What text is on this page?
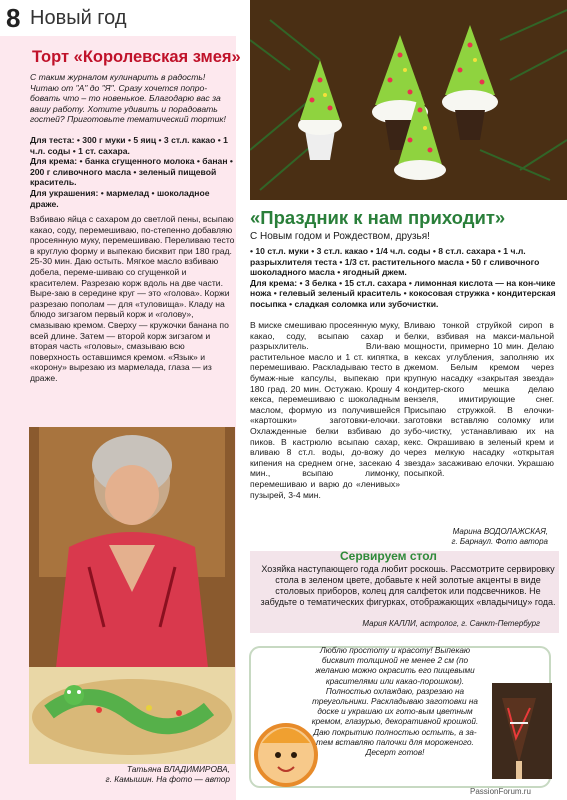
8 Новый год
Торт «Королевская змея»
С таким журналом кулинарить в радость! Читаю от "А" до "Я". Сразу хочется попро-бовать что – то новенькое. Благодарю вас за вашу работу. Хотите удивить и порадовать гостей? Приготовьте тематический тортик!
Для теста: • 300 г муки • 5 яиц • 3 ст.л. какао • 1 ч.л. соды • 1 ст. сахара.
Для крема: • банка сгущенного молока • банан • 200 г сливочного масла • зеленый пищевой краситель.
Для украшения: • мармелад • шоколадное драже.
Взбиваю яйца с сахаром до светлой пены, всыпаю какао, соду, перемешиваю, по-степенно добавляю просеянную муку, перемешиваю. Переливаю тесто в круглую форму и выпекаю бисквит при 180 град. 25-30 мин. Даю остыть. Мягкое масло взбиваю добела, переме-шиваю со сгущенкой и красителем. Разрезаю корж вдоль на две части. Выре-заю в середине круг — это «голова». Коржи разрезаю пополам — для «туловища». Кладу на блюдо зигзагом первый корж и «голову», смазываю кремом. Сверху — кружочки банана по всей длине. Затем — второй корж зигзагом и вторая часть «головы», смазываю всю поверхность оставшимся кремом. «Язык» и «корону» вырезаю из мармелада, глаза — из драже.
Татьяна ВЛАДИМИРОВА,
г. Камышин. На фото — автор
«Праздник к нам приходит»
С Новым годом и Рождеством, друзья!
• 10 ст.л. муки • 3 ст.л. какао • 1/4 ч.л. соды • 8 ст.л. сахара • 1 ч.л. разрыхлителя теста • 1/3 ст. растительного масла • 50 г сливочного шоколадного масла • ягодный джем.
Для крема: • 3 белка • 15 ст.л. сахара • лимонная кислота — на кон-чике ножа • гелевый зеленый краситель • кокосовая стружка • кондитерская посыпка • сладкая соломка или зубочистки.
В миске смешиваю просеянную муку, какао, соду, всыпаю сахар и разрыхлитель. Вли-ваю растительное масло и 1 ст. кипятка, перемешиваю. Раскладываю тесто в бумаж-ные капсулы, выпекаю при 180 град. 20 мин. Остужаю. Крошу 4 кекса, перемешиваю с шоколадным маслом, формую из получившейся «картошки» заготовки-елочки. Охлажденные белки взбиваю до пиков. В кастрюлю всыпаю сахар, вливаю 8 ст.л. воды, до-вожу до кипения на среднем огне, засекаю 4 мин., всыпаю лимонку, перемешиваю и варю до «ленивых» пузырей, 3-4 мин.
Вливаю тонкой струйкой сироп в белки, взбивая на макси-мальной мощности, примерно 10 мин. Делаю в кексах углубления, заполняю их джемом. Белым кремом через крупную насадку «закрытая звезда» кондитер-ского мешка делаю вензеля, имитирующие снег. Присыпаю стружкой. В елочки-заготовки вставляю соломку или зубо-чистку, устанавливаю их на кекс. Окрашиваю в зеленый крем и через мелкую насадку «открытая звезда» засаживаю елочки. Украшаю посыпкой.
Марина ВОДОЛАЖСКАЯ,
г. Барнаул. Фото автора
Сервируем стол
Хозяйка наступающего года любит роскошь. Рассмотрите сервировку стола в зеленом цвете, добавьте к ней золотые акценты в виде столовых приборов, колец для салфеток или подсвечников. Не забудьте о тематических фигурках, отображающих «владычицу» года.
Мария КАЛЛИ, астролог, г. Санкт-Петербург
Люблю простоту и красоту! Выпекаю бисквит толщиной не менее 2 см (по желанию можно окрасить его пищевыми красителями или какао-порошком). Полностью охлаждаю, разрезаю на треугольники. Раскладываю заготовки на доске и украшаю их гото-вым цветным кремом, глазурью, декоративной крошкой. Даю покрытию полностью остыть, а за-тем вставляю палочки для мороженого. Десерт готов!
PassionForum.ru
